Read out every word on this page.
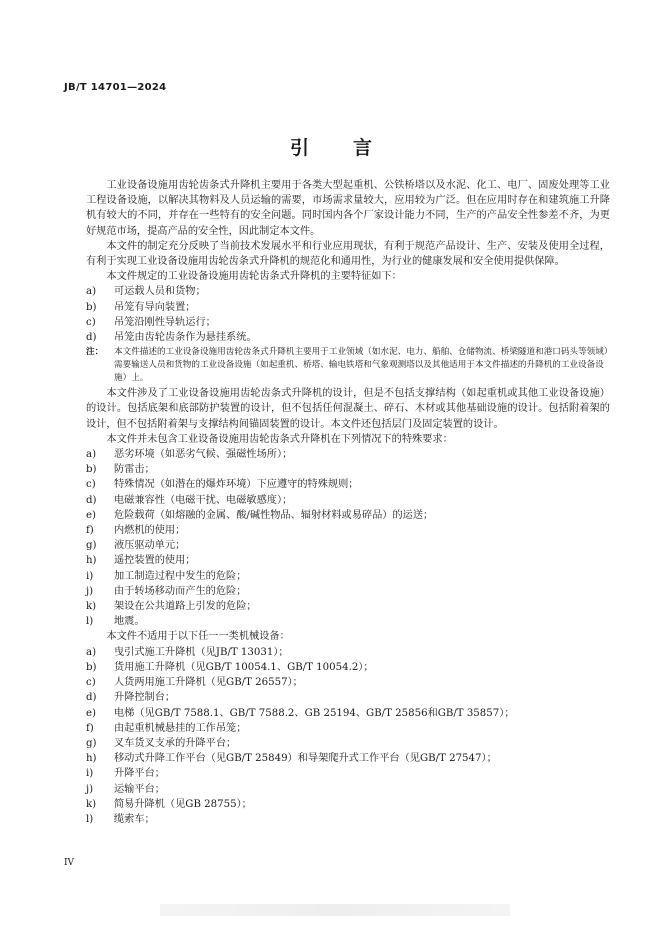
JB/T 14701—2024
引言

工业设备设施用齿轮齿条式升降机主要用于各类大型起重机、公铁桥塔以及水泥、化工、电厂、固废处理等工业工程设备设施，以解决其物料及人员运输的需要，市场需求量较大，应用较为广泛。但在应用时存在和建筑施工升降机有较大的不同，并存在一些特有的安全问题。同时国内各个厂家设计能力不同，生产的产品安全性参差不齐，为更好规范市场，提高产品的安全性，因此制定本文件。

本文件的制定充分反映了当前技术发展水平和行业应用现状，有利于规范产品设计、生产、安装及使用全过程，有利于实现工业设备设施用齿轮齿条式升降机的规范化和通用性，为行业的健康发展和安全使用提供保障。

本文件规定的工业设备设施用齿轮齿条式升降机的主要特征如下：

a)	可运载人员和货物；
b)	吊笼有导向装置；
c)	吊笼沿刚性导轨运行；
d)	吊笼由齿轮齿条作为悬挂系统。
注：	本文件描述的工业设备设施用齿轮齿条式升降机主要用于工业领域（如水泥、电力、船舶、仓储物流、桥梁隧道和港口码头等领域）需要输送人员和货物的工业设备设施（如起重机、桥塔、输电铁塔和气象观测塔以及其他适用于本文件描述的升降机的工业设备设施）上。

本文件涉及了工业设备设施用齿轮齿条式升降机的设计，但是不包括支撑结构（如起重机或其他工业设备设施）的设计。包括底架和底部防护装置的设计，但不包括任何混凝土、碎石、木材或其他基础设施的设计。包括附着架的设计，但不包括附着架与支撑结构间锚固装置的设计。本文件还包括层门及固定装置的设计。

本文件并未包含工业设备设施用齿轮齿条式升降机在下列情况下的特殊要求：

a)	恶劣环境（如恶劣气候、强磁性场所）；
b)	防雷击；
c)	特殊情况（如潜在的爆炸环境）下应遵守的特殊规则；
d)	电磁兼容性（电磁干扰、电磁敏感度）；
e)	危险载荷（如熔融的金属、酸/碱性物品、辐射材料或易碎品）的运送；
f)	内燃机的使用；
g)	液压驱动单元；
h)	遥控装置的使用；
i)	加工制造过程中发生的危险；
j)	由于转场移动而产生的危险；
k)	架设在公共道路上引发的危险；
l)	地震。

本文件不适用于以下任一一类机械设备：

a)	曳引式施工升降机（见JB/T 13031）；
b)	货用施工升降机（见GB/T 10054.1、GB/T 10054.2）；
c)	人货两用施工升降机（见GB/T 26557）；
d)	升降控制台；
e)	电梯（见GB/T 7588.1、GB/T 7588.2、GB 25194、GB/T 25856和GB/T 35857）；
f)	由起重机械悬挂的工作吊笼；
g)	叉车货叉支承的升降平台；
h)	移动式升降工作平台（见GB/T 25849）和导架爬升式工作平台（见GB/T 27547）；
i)	升降平台；
j)	运输平台；
k)	简易升降机（见GB 28755）；
l)	缆索车；
IV
